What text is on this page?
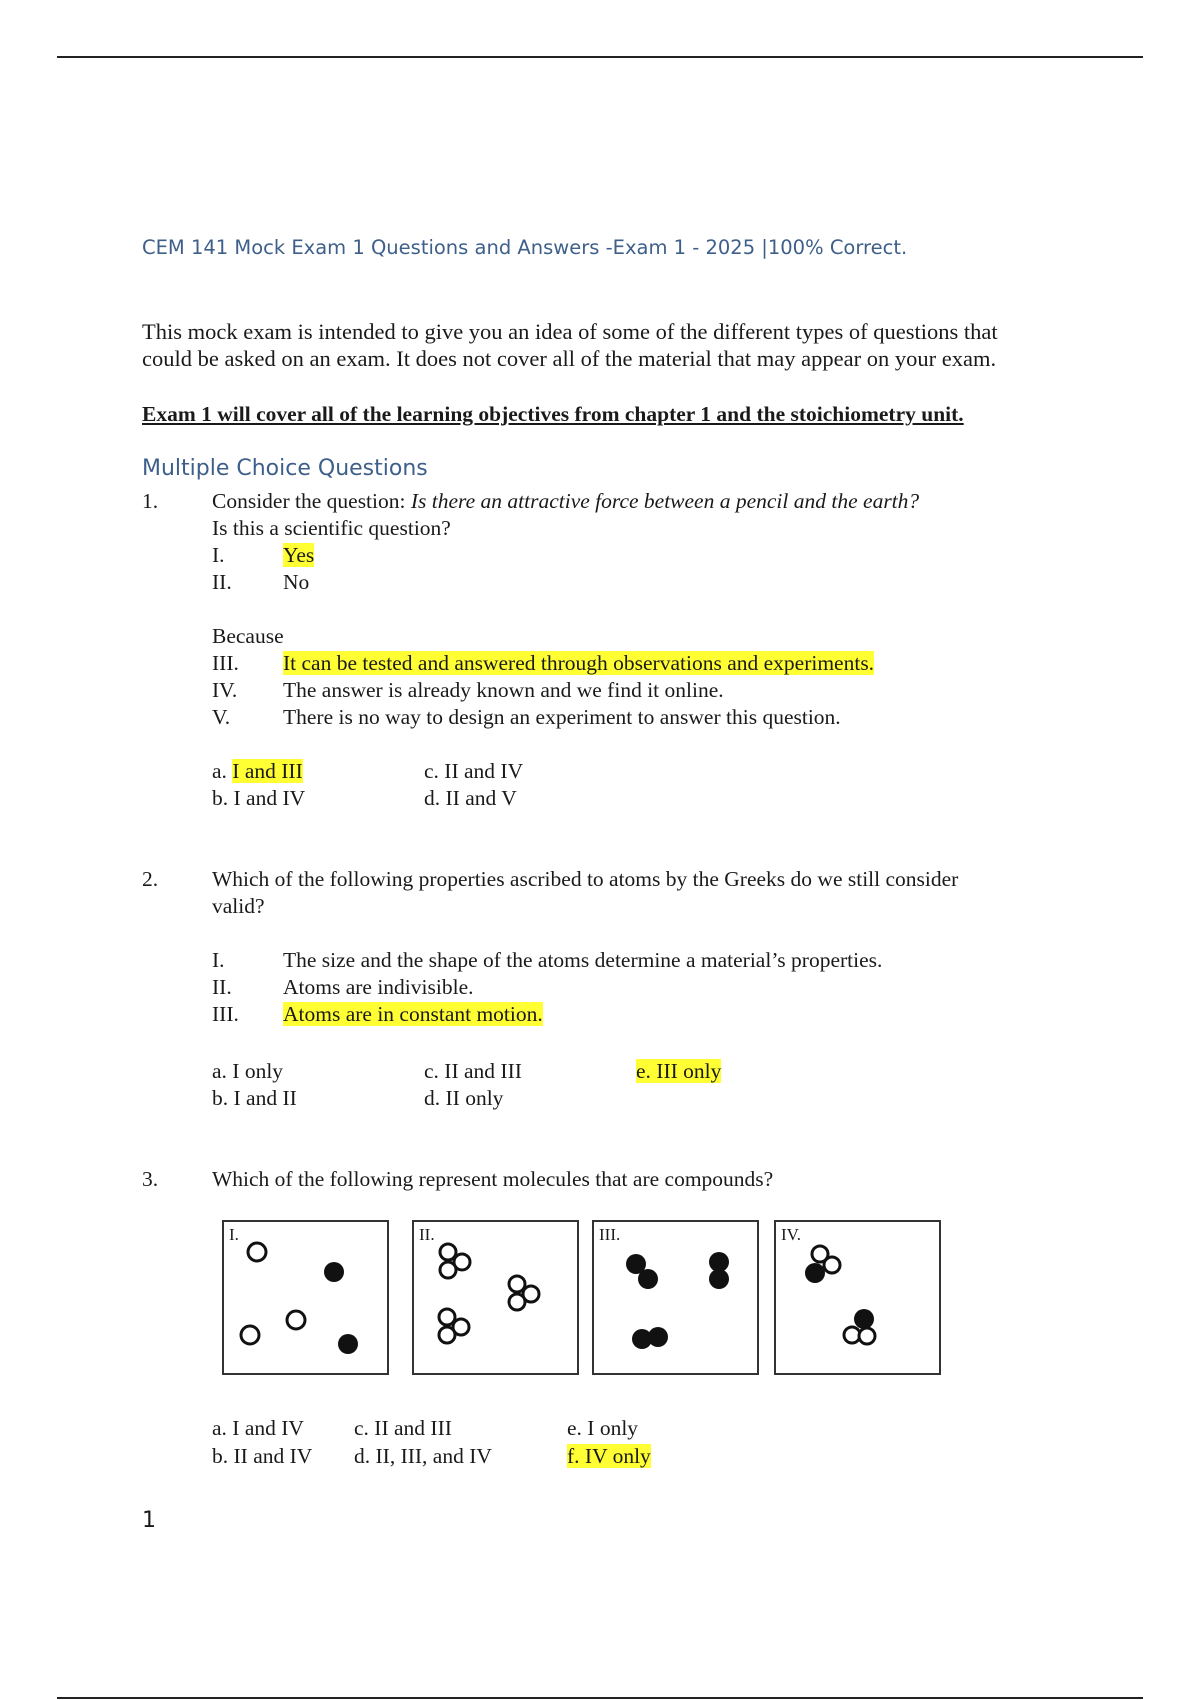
CEM 141 Mock Exam 1 Questions and Answers -Exam 1 - 2025 |100% Correct.
This mock exam is intended to give you an idea of some of the different types of questions that
could be asked on an exam. It does not cover all of the material that may appear on your exam.
Exam 1 will cover all of the learning objectives from chapter 1 and the stoichiometry unit.
Multiple Choice Questions
1.	Consider the question: Is there an attractive force between a pencil and the earth?
Is this a scientific question?
I.	Yes
II. No
Because
III. It can be tested and answered through observations and experiments.
IV. The answer is already known and we find it online.
V. There is no way to design an experiment to answer this question.
a. I and III
b. I and IV
c. II and IV
d. II and V
2.	Which of the following properties ascribed to atoms by the Greeks do we still consider
valid?
I.	The size and the shape of the atoms determine a material’s properties.
II. Atoms are indivisible.
III. Atoms are in constant motion.
a. I only
b. I and II
c. II and III
d. II only
e. III only
3.	Which of the following represent molecules that are compounds?
I.	II.	III.	IV.
a. I and IV
b. II and IV
c. II and III
d. II, III, and IV
e. I only
f. IV only
1
